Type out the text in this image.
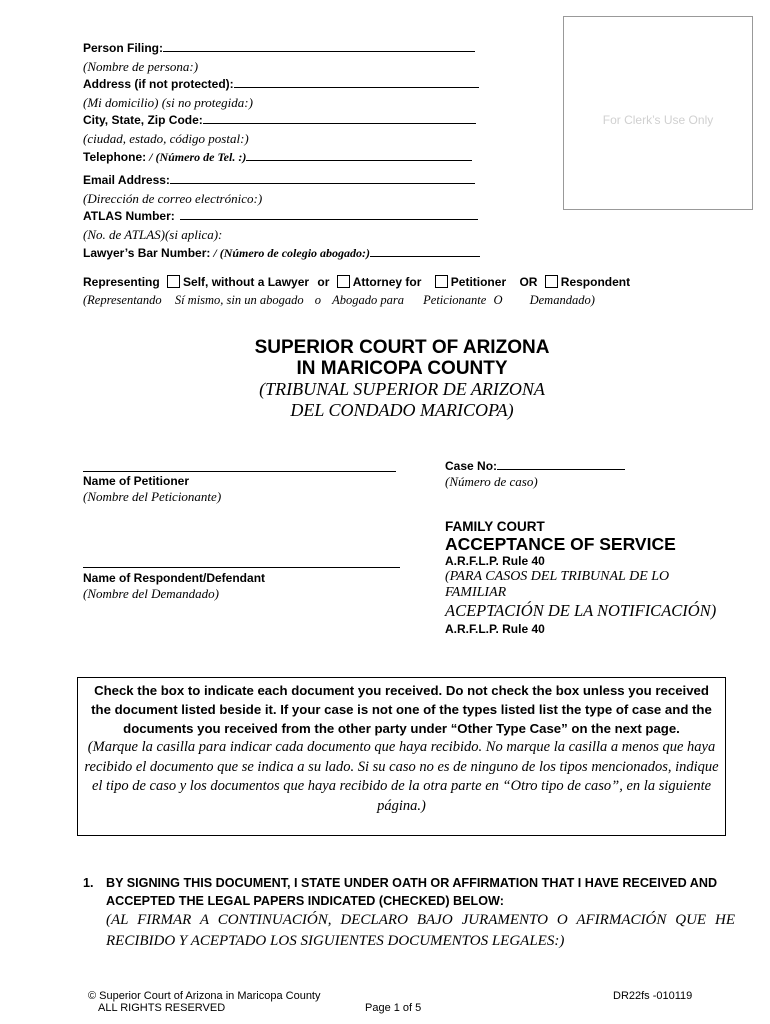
For Clerk’s Use Only
Person Filing:
(Nombre de persona:)
Address (if not protected):
(Mi domicilio) (si no protegida:)
City, State, Zip Code:
(ciudad, estado, código postal:)
Telephone: / (Número de Tel. :)
Email Address:
(Dirección de correo electrónico:)
ATLAS Number:
(No. de ATLAS)(si aplica):
Lawyer’s Bar Number: / (Número de colegio abogado:)
Representing Self, without a Lawyer or Attorney for Petitioner OR Respondent
(Representando Sí mismo, sin un abogado o Abogado para Peticionante O Demandado)
SUPERIOR COURT OF ARIZONA
IN MARICOPA COUNTY
(TRIBUNAL SUPERIOR DE ARIZONA
DEL CONDADO MARICOPA)
Name of Petitioner
(Nombre del Peticionante)
Name of Respondent/Defendant
(Nombre del Demandado)
Case No:
(Número de caso)
FAMILY COURT
ACCEPTANCE OF SERVICE
A.R.F.L.P. Rule 40
(PARA CASOS DEL TRIBUNAL DE LO
FAMILIAR
ACEPTACIÓN DE LA NOTIFICACIÓN)
A.R.F.L.P. Rule 40
Check the box to indicate each document you received. Do not check the box unless you received the document listed beside it. If your case is not one of the types listed list the type of case and the documents you received from the other party under “Other Type Case” on the next page.
(Marque la casilla para indicar cada documento que haya recibido. No marque la casilla a menos que haya recibido el documento que se indica a su lado. Si su caso no es de ninguno de los tipos mencionados, indique el tipo de caso y los documentos que haya recibido de la otra parte en “Otro tipo de caso”, en la siguiente página.)
1. BY SIGNING THIS DOCUMENT, I STATE UNDER OATH OR AFFIRMATION THAT I HAVE RECEIVED AND ACCEPTED THE LEGAL PAPERS INDICATED (CHECKED) BELOW:
(AL FIRMAR A CONTINUACIÓN, DECLARO BAJO JURAMENTO O AFIRMACIÓN QUE HE RECIBIDO Y ACEPTADO LOS SIGUIENTES DOCUMENTOS LEGALES:)
© Superior Court of Arizona in Maricopa County
ALL RIGHTS RESERVED
DR22fs -010119
Page 1 of 5
